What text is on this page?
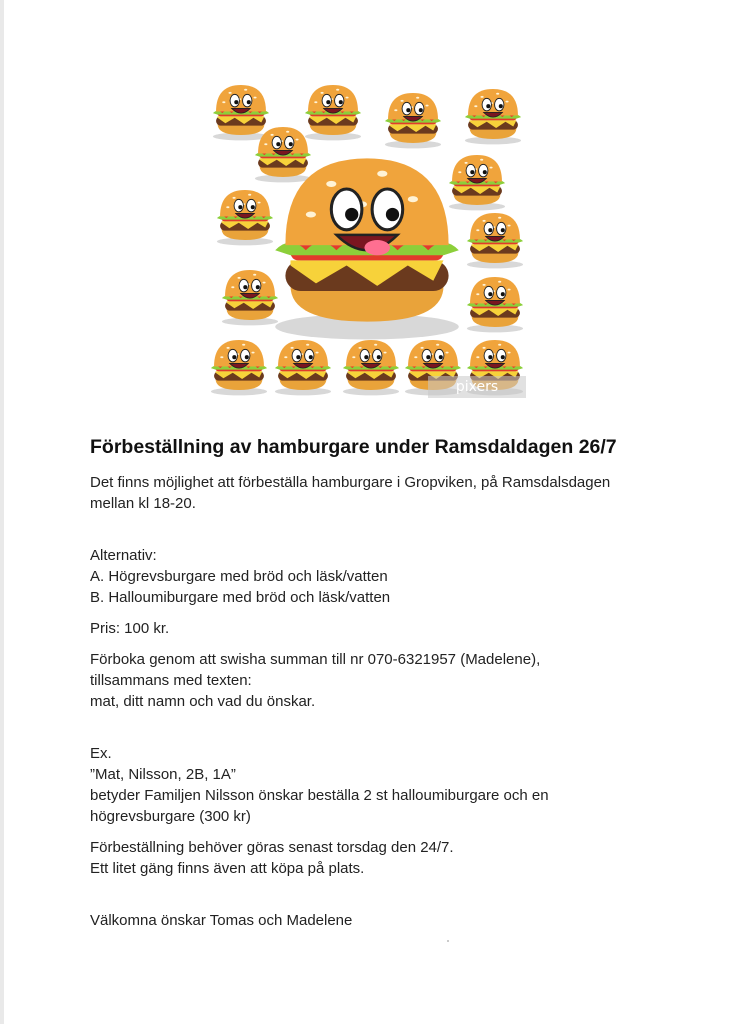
pixers
Förbeställning av hamburgare under Ramsdaldagen 26/7

Det finns möjlighet att förbeställa hamburgare i Gropviken, på Ramsdalsdagen
mellan kl 18-20.

Alternativ:
A. Högrevsburgare med bröd och läsk/vatten
B. Halloumiburgare med bröd och läsk/vatten

Pris: 100 kr.

Förboka genom att swisha summan till nr 070-6321957 (Madelene),
tillsammans med texten:
mat, ditt namn och vad du önskar.

Ex.
”Mat, Nilsson, 2B, 1A”
betyder Familjen Nilsson önskar beställa 2 st halloumiburgare och en
högrevsburgare (300 kr)

Förbeställning behöver göras senast torsdag den 24/7.
Ett litet gäng finns även att köpa på plats.

Välkomna önskar Tomas och Madelene
